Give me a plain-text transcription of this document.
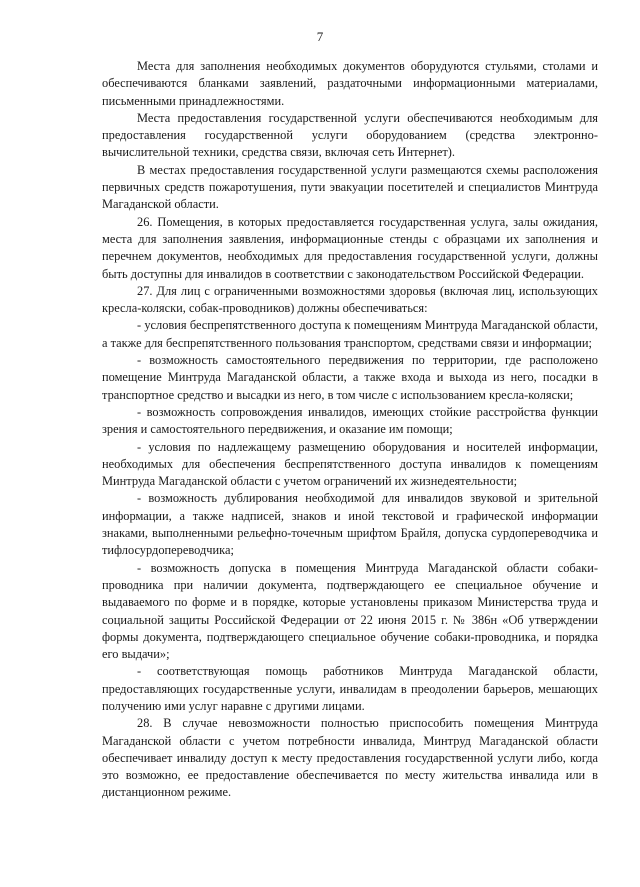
7

Места для заполнения необходимых документов оборудуются стульями, столами и обеспечиваются бланками заявлений, раздаточными информационными материалами, письменными принадлежностями.

Места предоставления государственной услуги обеспечиваются необходимым для предоставления государственной услуги оборудованием (средства электронно-вычислительной техники, средства связи, включая сеть Интернет).

В местах предоставления государственной услуги размещаются схемы расположения первичных средств пожаротушения, пути эвакуации посетителей и специалистов Минтруда Магаданской области.

26. Помещения, в которых предоставляется государственная услуга, залы ожидания, места для заполнения заявления, информационные стенды с образцами их заполнения и перечнем документов, необходимых для предоставления государственной услуги, должны быть доступны для инвалидов в соответствии с законодательством Российской Федерации.

27. Для лиц с ограниченными возможностями здоровья (включая лиц, использующих кресла-коляски, собак-проводников) должны обеспечиваться:

- условия беспрепятственного доступа к помещениям Минтруда Магаданской области, а также для беспрепятственного пользования транспортом, средствами связи и информации;

- возможность самостоятельного передвижения по территории, где расположено помещение Минтруда Магаданской области, а также входа и выхода из него, посадки в транспортное средство и высадки из него, в том числе с использованием кресла-коляски;

- возможность сопровождения инвалидов, имеющих стойкие расстройства функции зрения и самостоятельного передвижения, и оказание им помощи;

- условия по надлежащему размещению оборудования и носителей информации, необходимых для обеспечения беспрепятственного доступа инвалидов к помещениям Минтруда Магаданской области с учетом ограничений их жизнедеятельности;

- возможность дублирования необходимой для инвалидов звуковой и зрительной информации, а также надписей, знаков и иной текстовой и графической информации знаками, выполненными рельефно-точечным шрифтом Брайля, допуска сурдопереводчика и тифлосурдопереводчика;

- возможность допуска в помещения Минтруда Магаданской области собаки-проводника при наличии документа, подтверждающего ее специальное обучение и выдаваемого по форме и в порядке, которые установлены приказом Министерства труда и социальной защиты Российской Федерации от 22 июня 2015 г. № 386н «Об утверждении формы документа, подтверждающего специальное обучение собаки-проводника, и порядка его выдачи»;

- соответствующая помощь работников Минтруда Магаданской области, предоставляющих государственные услуги, инвалидам в преодолении барьеров, мешающих получению ими услуг наравне с другими лицами.

28. В случае невозможности полностью приспособить помещения Минтруда Магаданской области с учетом потребности инвалида, Минтруд Магаданской области обеспечивает инвалиду доступ к месту предоставления государственной услуги либо, когда это возможно, ее предоставление обеспечивается по месту жительства инвалида или в дистанционном режиме.
